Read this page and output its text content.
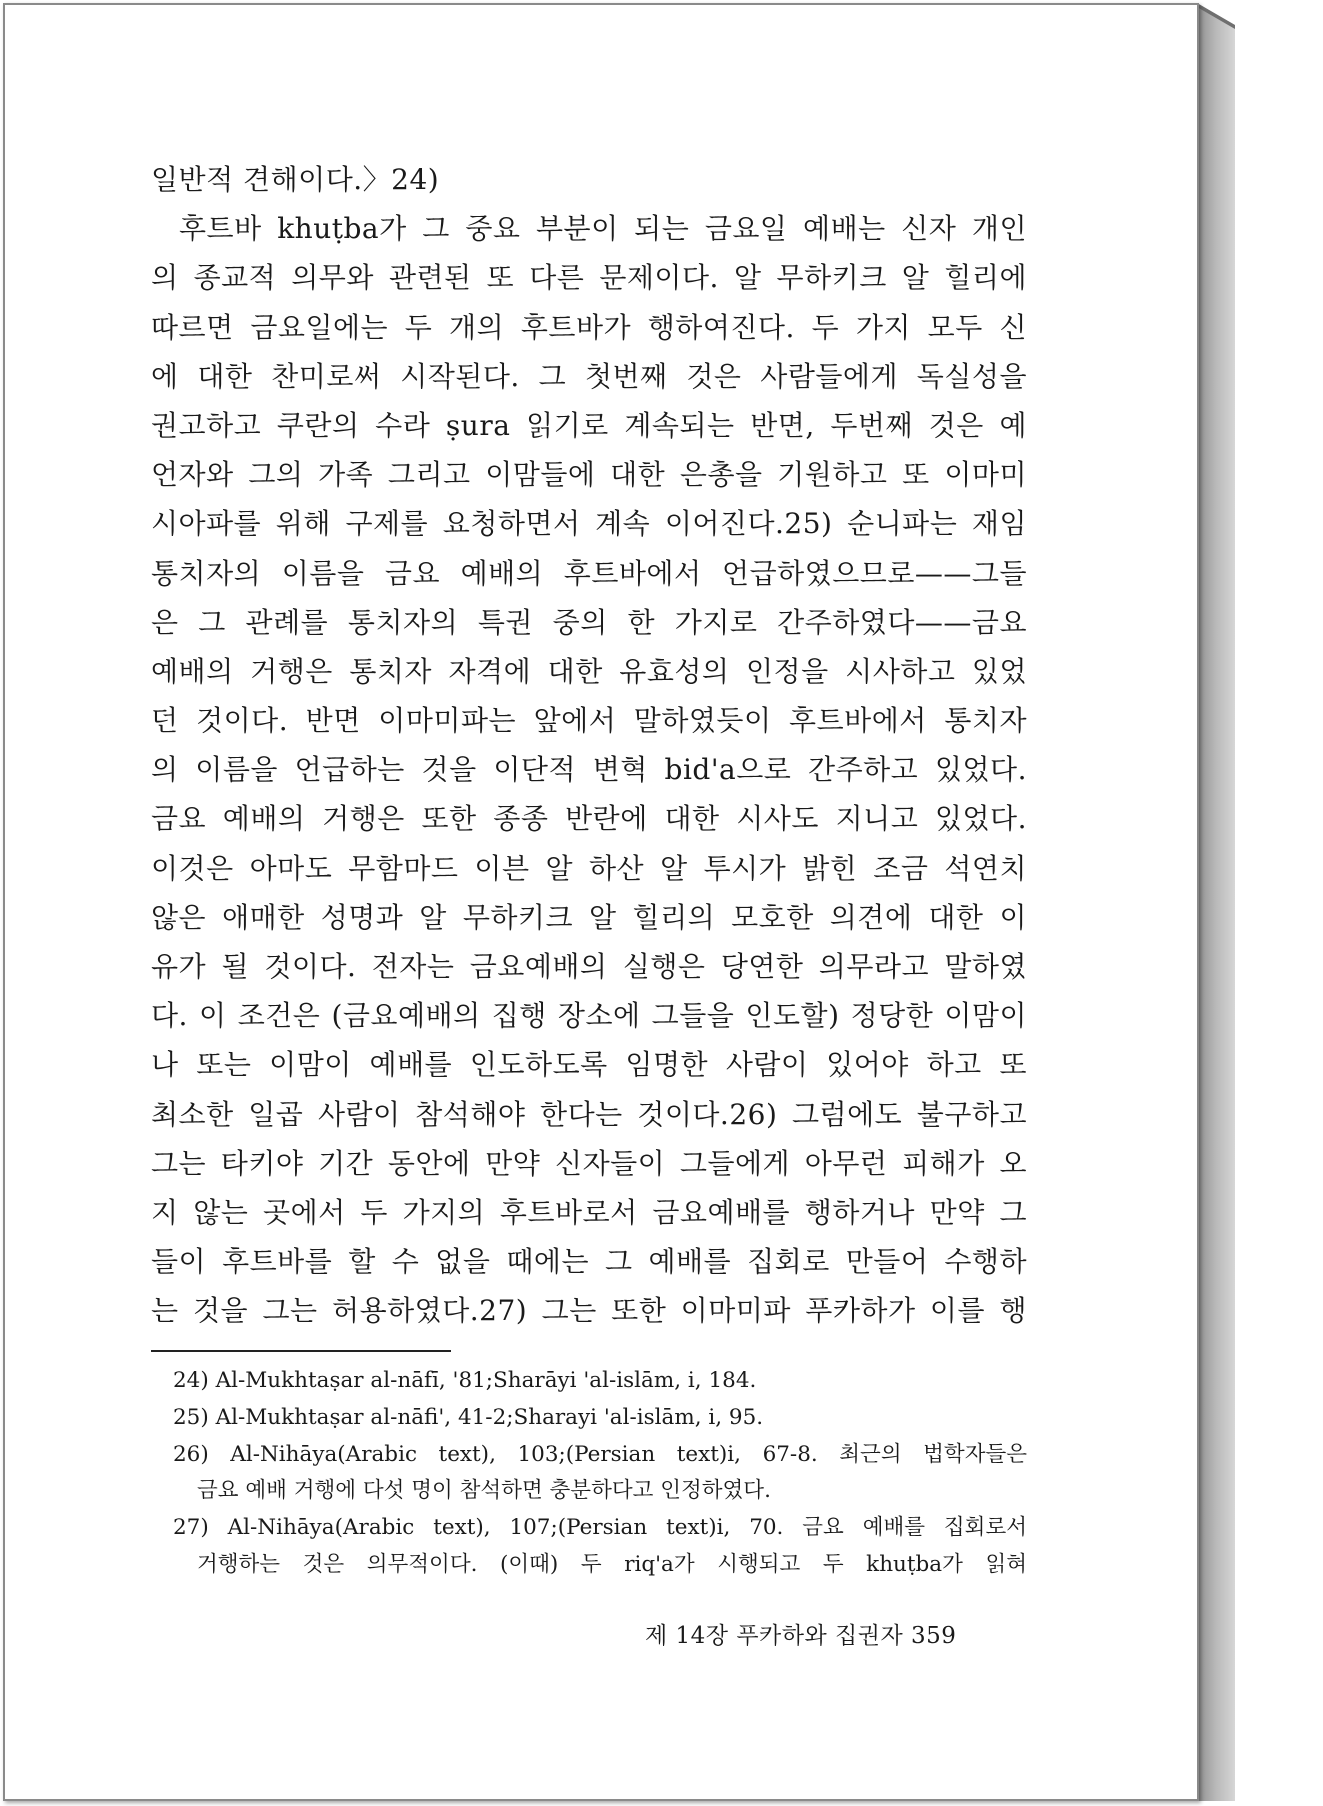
일반적 견해이다.〉24)
후트바 khuṭba가 그 중요 부분이 되는 금요일 예배는 신자 개인
의 종교적 의무와 관련된 또 다른 문제이다. 알 무하키크 알 힐리에
따르면 금요일에는 두 개의 후트바가 행하여진다. 두 가지 모두 신
에 대한 찬미로써 시작된다. 그 첫번째 것은 사람들에게 독실성을
권고하고 쿠란의 수라 ṣura 읽기로 계속되는 반면, 두번째 것은 예
언자와 그의 가족 그리고 이맘들에 대한 은총을 기원하고 또 이마미
시아파를 위해 구제를 요청하면서 계속 이어진다.25) 순니파는 재임
통치자의 이름을 금요 예배의 후트바에서 언급하였으므로——그들
은 그 관례를 통치자의 특권 중의 한 가지로 간주하였다——금요
예배의 거행은 통치자 자격에 대한 유효성의 인정을 시사하고 있었
던 것이다. 반면 이마미파는 앞에서 말하였듯이 후트바에서 통치자
의 이름을 언급하는 것을 이단적 변혁 bid'a으로 간주하고 있었다.
금요 예배의 거행은 또한 종종 반란에 대한 시사도 지니고 있었다.
이것은 아마도 무함마드 이븐 알 하산 알 투시가 밝힌 조금 석연치
않은 애매한 성명과 알 무하키크 알 힐리의 모호한 의견에 대한 이
유가 될 것이다. 전자는 금요예배의 실행은 당연한 의무라고 말하였
다. 이 조건은 (금요예배의 집행 장소에 그들을 인도할) 정당한 이맘이
나 또는 이맘이 예배를 인도하도록 임명한 사람이 있어야 하고 또
최소한 일곱 사람이 참석해야 한다는 것이다.26) 그럼에도 불구하고
그는 타키야 기간 동안에 만약 신자들이 그들에게 아무런 피해가 오
지 않는 곳에서 두 가지의 후트바로서 금요예배를 행하거나 만약 그
들이 후트바를 할 수 없을 때에는 그 예배를 집회로 만들어 수행하
는 것을 그는 허용하였다.27) 그는 또한 이마미파 푸카하가 이를 행
24) Al-Mukhtaṣar al-nāfī, '81;Sharāyi 'al-islām, i, 184.
25) Al-Mukhtaṣar al-nāfi', 41-2;Sharayi 'al-islām, i, 95.
26) Al-Nihāya(Arabic text), 103;(Persian text)i, 67-8. 최근의 법학자들은
금요 예배 거행에 다섯 명이 참석하면 충분하다고 인정하였다.
27) Al-Nihāya(Arabic text), 107;(Persian text)i, 70. 금요 예배를 집회로서
거행하는 것은 의무적이다. (이때) 두 riq'a가 시행되고 두 khuṭba가 읽혀
제 14장 푸카하와 집권자 359
